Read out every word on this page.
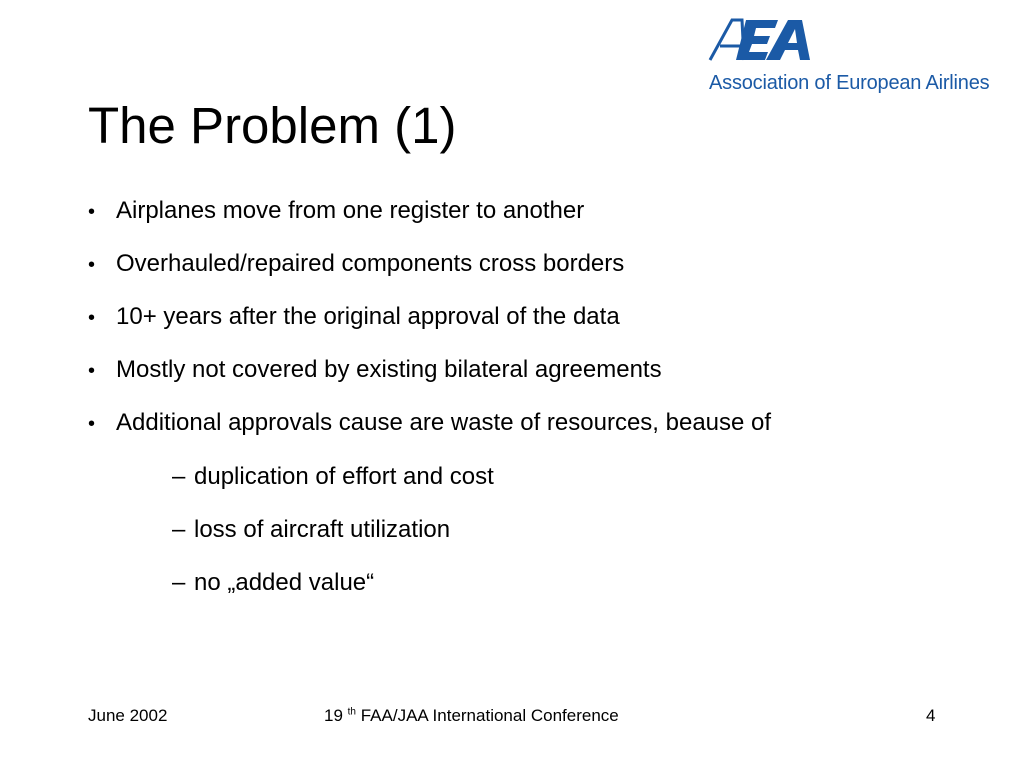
Association of European Airlines
The Problem (1)
• Airplanes move from one register to another
• Overhauled/repaired components cross borders
• 10+ years after the original approval of the data
• Mostly not covered by existing bilateral agreements
• Additional approvals cause are waste of resources, beause of
– duplication of effort and cost
– loss of aircraft utilization
– no „added value“
June 2002	19 $^{th}$ FAA/JAA International Conference	4
